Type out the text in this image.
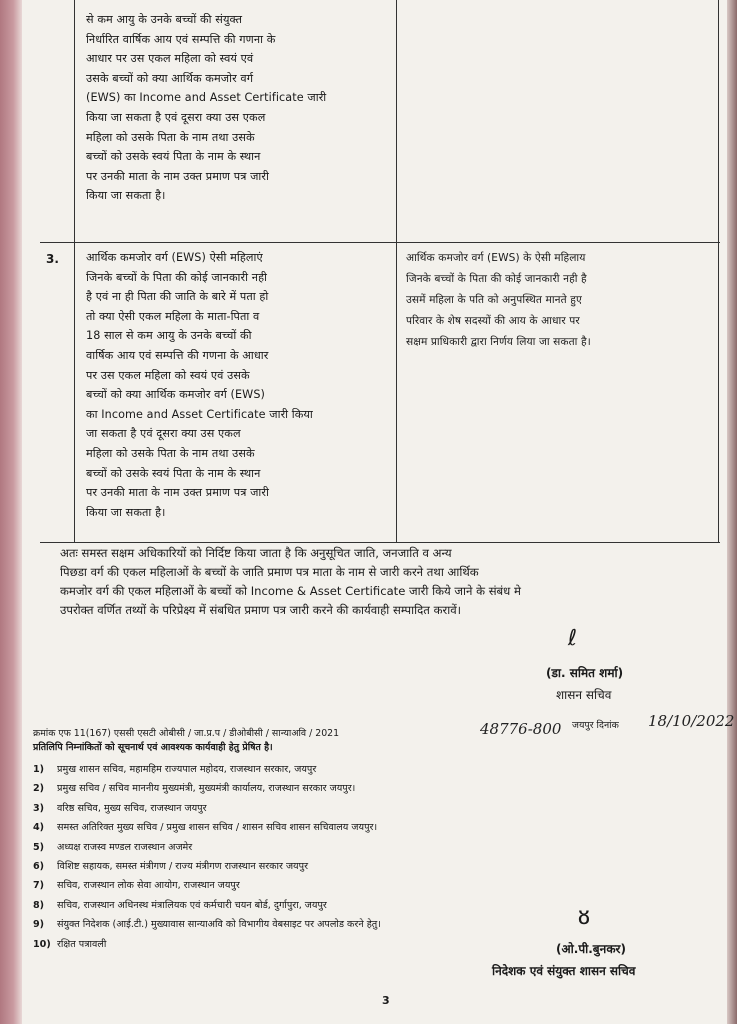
से कम आयु के उनके बच्चों की संयुक्त
निर्धारित वार्षिक आय एवं सम्पत्ति की गणना के
आधार पर उस एकल महिला को स्वयं एवं
उसके बच्चों को क्या आर्थिक कमजोर वर्ग
(EWS) का Income and Asset Certificate जारी
किया जा सकता है एवं दूसरा क्या उस एकल
महिला को उसके पिता के नाम तथा उसके
बच्चों को उसके स्वयं पिता के नाम के स्थान
पर उनकी माता के नाम उक्त प्रमाण पत्र जारी
किया जा सकता है।
3. आर्थिक कमजोर वर्ग (EWS) ऐसी महिलाएं
जिनके बच्चों के पिता की कोई जानकारी नही
है एवं ना ही पिता की जाति के बारे में पता हो
तो क्या ऐसी एकल महिला के माता-पिता व
18 साल से कम आयु के उनके बच्चों की
वार्षिक आय एवं सम्पत्ति की गणना के आधार
पर उस एकल महिला को स्वयं एवं उसके
बच्चों को क्या आर्थिक कमजोर वर्ग (EWS)
का Income and Asset Certificate जारी किया
जा सकता है एवं दूसरा क्या उस एकल
महिला को उसके पिता के नाम तथा उसके
बच्चों को उसके स्वयं पिता के नाम के स्थान
पर उनकी माता के नाम उक्त प्रमाण पत्र जारी
किया जा सकता है।
आर्थिक कमजोर वर्ग (EWS) के ऐसी महिलाय
जिनके बच्चों के पिता की कोई जानकारी नही है
उसमें महिला के पति को अनुपस्थित मानते हुए
परिवार के शेष सदस्यों की आय के आधार पर
सक्षम प्राधिकारी द्वारा निर्णय लिया जा सकता है।
अतः समस्त सक्षम अधिकारियों को निर्दिष्ट किया जाता है कि अनुसूचित जाति, जनजाति व अन्य
पिछडा वर्ग की एकल महिलाओं के बच्चों के जाति प्रमाण पत्र माता के नाम से जारी करने तथा आर्थिक
कमजोर वर्ग की एकल महिलाओं के बच्चों को Income & Asset Certificate जारी किये जाने के संबंध मे
उपरोक्त वर्णित तथ्यों के परिप्रेक्ष्य में संबधित प्रमाण पत्र जारी करने की कार्यवाही सम्पादित करावें।
ℓ
(डा. समित शर्मा)
शासन सचिव
क्रमांक एफ 11(167) एससी एसटी ओबीसी / जा.प्र.प / डीओबीसी / सान्याअवि / 2021	48776-800 जयपुर दिनांक 18/10/2022
प्रतिलिपि निम्नांकितों को सूचनार्थ एवं आवश्यक कार्यवाही हेतु प्रेषित है।
1) प्रमुख शासन सचिव, महामहिम राज्यपाल महोदय, राजस्थान सरकार, जयपुर
2) प्रमुख सचिव / सचिव माननीय मुख्यमंत्री, मुख्यमंत्री कार्यालय, राजस्थान सरकार जयपुर।
3) वरिष्ठ सचिव, मुख्य सचिव, राजस्थान जयपुर
4) समस्त अतिरिक्त मुख्य सचिव / प्रमुख शासन सचिव / शासन सचिव शासन सचिवालय जयपुर।
5) अध्यक्ष राजस्व मण्डल राजस्थान अजमेर
6) विशिष्ट सहायक, समस्त मंत्रीगण / राज्य मंत्रीगण राजस्थान सरकार जयपुर
7) सचिव, राजस्थान लोक सेवा आयोग, राजस्थान जयपुर
8) सचिव, राजस्थान अधिनस्थ मंत्रालियक एवं कर्मचारी चयन बोर्ड, दुर्गापुरा, जयपुर
9) संयुक्त निदेशक (आई.टी.) मुख्यावास सान्याअवि को विभागीय वेबसाइट पर अपलोड करने हेतु।
10) रक्षित पत्रावली
ᴕ
(ओ.पी.बुनकर)
निदेशक एवं संयुक्त शासन सचिव
3
